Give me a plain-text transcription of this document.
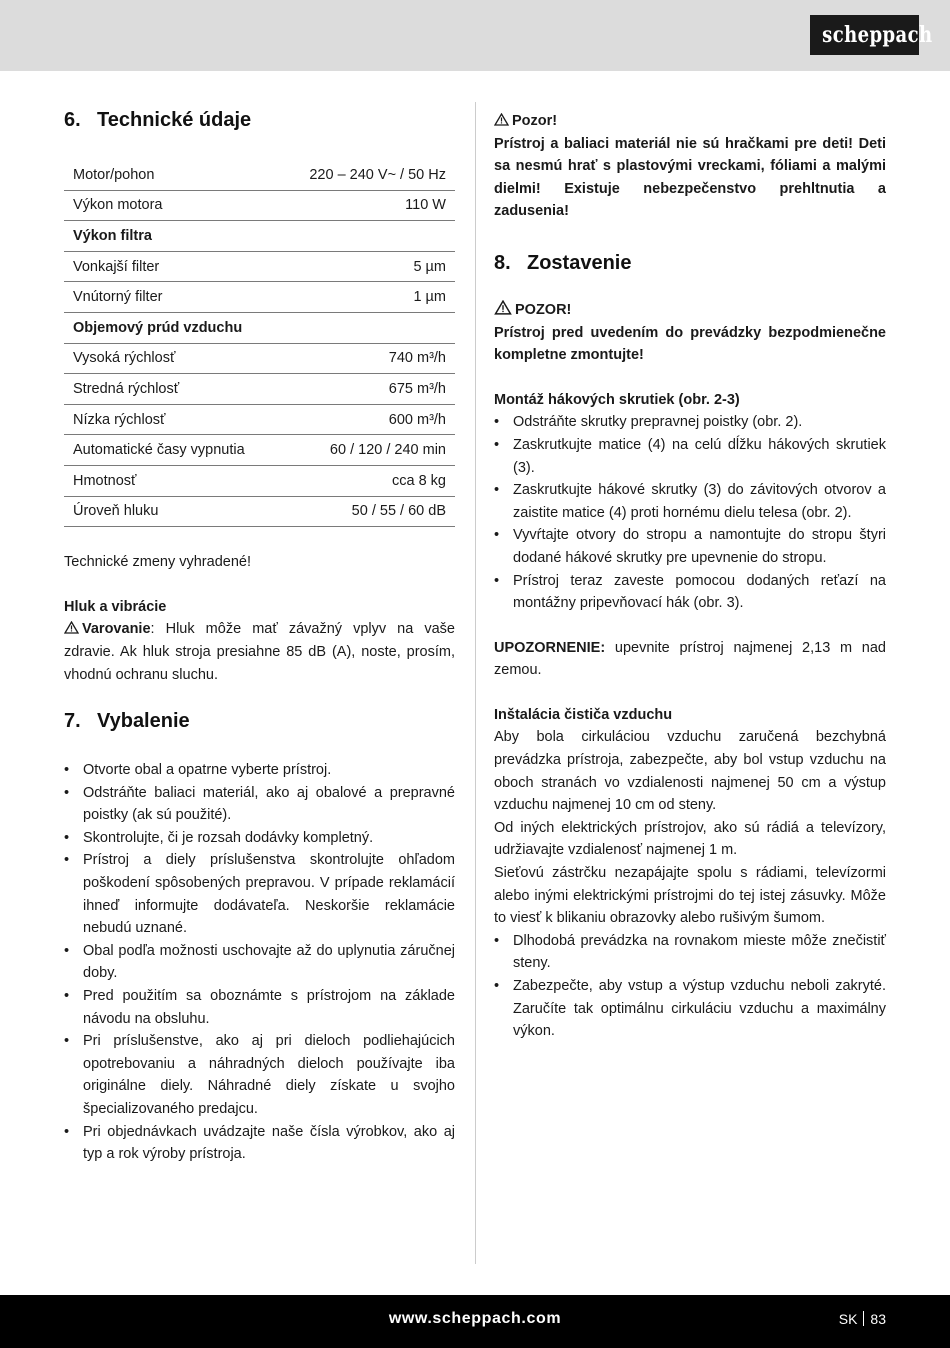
scheppach
6. Technické údaje
Motor/pohon	220 – 240 V~ / 50 Hz
Výkon motora	110 W
Výkon filtra	
Vonkajší filter	5 µm
Vnútorný filter	1 µm
Objemový prúd vzduchu	
Vysoká rýchlosť	740 m³/h
Stredná rýchlosť	675 m³/h
Nízka rýchlosť	600 m³/h
Automatické časy vypnutia	60 / 120 / 240 min
Hmotnosť	cca 8 kg
Úroveň hluku	50 / 55 / 60 dB

Technické zmeny vyhradené!

Hluk a vibrácie

Varovanie: Hluk môže mať závažný vplyv na vaše zdravie. Ak hluk stroja presiahne 85 dB (A), noste, prosím, vhodnú ochranu sluchu.

7. Vybalenie
• Otvorte obal a opatrne vyberte prístroj.
• Odstráňte baliaci materiál, ako aj obalové a prepravné poistky (ak sú použité).
• Skontrolujte, či je rozsah dodávky kompletný.
• Prístroj a diely príslušenstva skontrolujte ohľadom poškodení spôsobených prepravou. V prípade reklamácií ihneď informujte dodávateľa. Neskoršie reklamácie nebudú uznané.
• Obal podľa možnosti uschovajte až do uplynutia záručnej doby.
• Pred použitím sa oboznámte s prístrojom na základe návodu na obsluhu.
• Pri príslušenstve, ako aj pri dieloch podliehajúcich opotrebovaniu a náhradných dieloch používajte iba originálne diely. Náhradné diely získate u svojho špecializovaného predajcu.
• Pri objednávkach uvádzajte naše čísla výrobkov, ako aj typ a rok výroby prístroja.

Pozor!

Prístroj a baliaci materiál nie sú hračkami pre deti! Deti sa nesmú hrať s plastovými vreckami, fóliami a malými dielmi! Existuje nebezpečenstvo prehltnutia a zadusenia!

8. Zostavenie

POZOR!

Prístroj pred uvedením do prevádzky bezpodmienečne kompletne zmontujte!

Montáž hákových skrutiek (obr. 2-3)

• Odstráňte skrutky prepravnej poistky (obr. 2).
• Zaskrutkujte matice (4) na celú dĺžku hákových skrutiek (3).
• Zaskrutkujte hákové skrutky (3) do závitových otvorov a zaistite matice (4) proti hornému dielu telesa (obr. 2).
• Vyvŕtajte otvory do stropu a namontujte do stropu štyri dodané hákové skrutky pre upevnenie do stropu.
• Prístroj teraz zaveste pomocou dodaných reťazí na montážny pripevňovací hák (obr. 3).

UPOZORNENIE: upevnite prístroj najmenej 2,13 m nad zemou.

Inštalácia čističa vzduchu

Aby bola cirkuláciou vzduchu zaručená bezchybná prevádzka prístroja, zabezpečte, aby bol vstup vzduchu na oboch stranách vo vzdialenosti najmenej 50 cm a výstup vzduchu najmenej 10 cm od steny.

Od iných elektrických prístrojov, ako sú rádiá a televízory, udržiavajte vzdialenosť najmenej 1 m.

Sieťovú zástrčku nezapájajte spolu s rádiami, televízormi alebo inými elektrickými prístrojmi do tej istej zásuvky. Môže to viesť k blikaniu obrazovky alebo rušivým šumom.

• Dlhodobá prevádzka na rovnakom mieste môže znečistiť steny.
• Zabezpečte, aby vstup a výstup vzduchu neboli zakryté. Zaručíte tak optimálnu cirkuláciu vzduchu a maximálny výkon.
www.scheppach.com	SK 83
